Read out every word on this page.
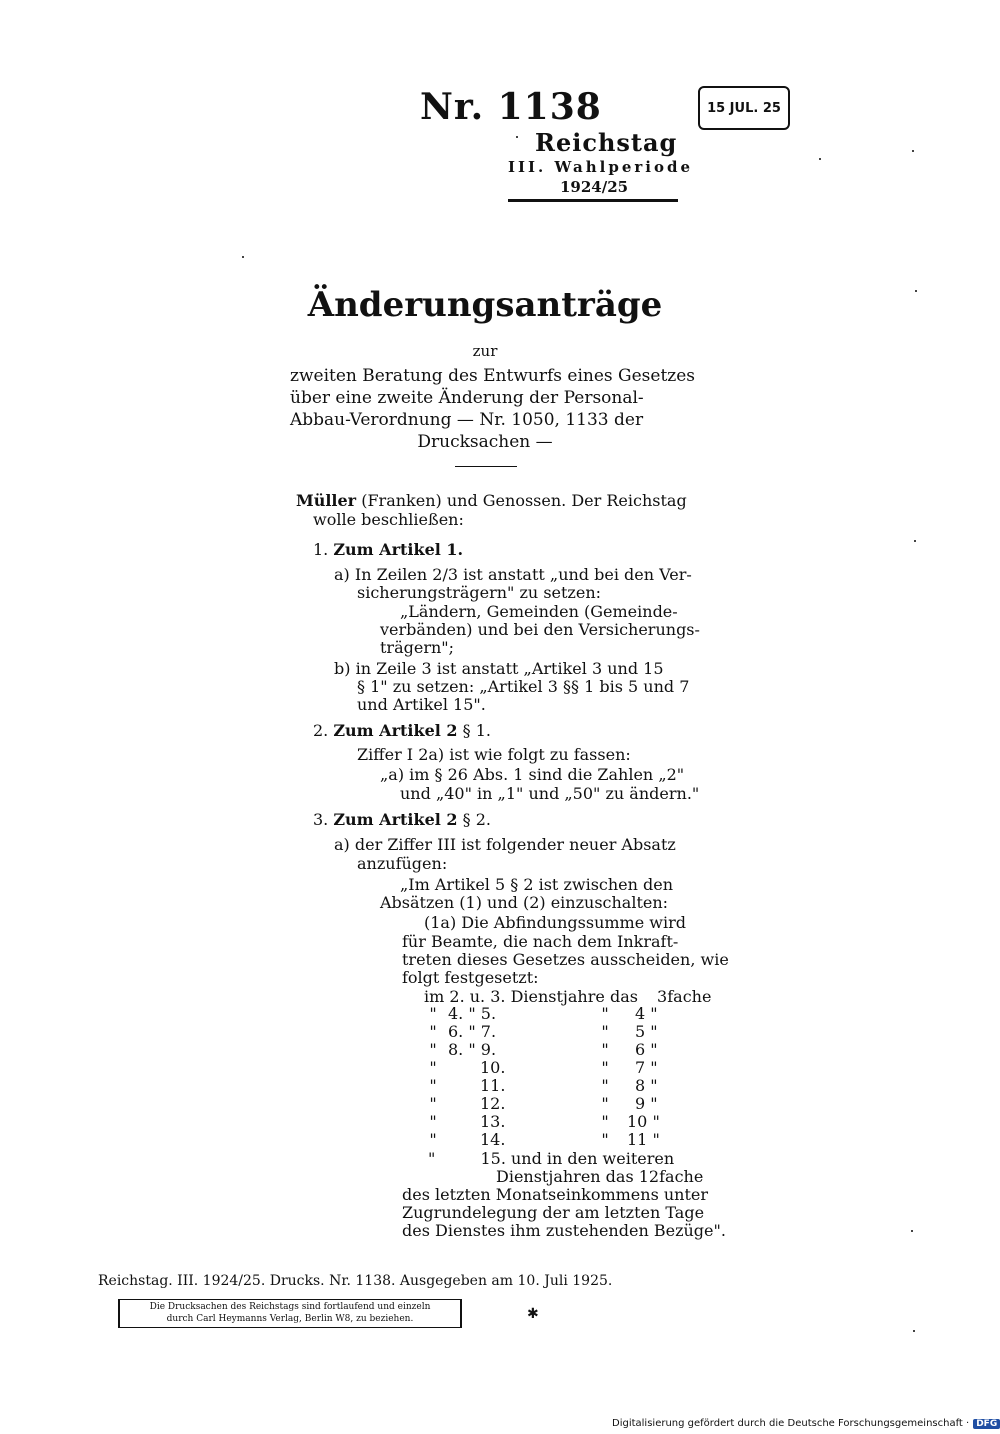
Nr. 1138	15 JUL. 25
Reichstag
III. Wahlperiode
1924/25
Änderungsanträge
zur
zweiten Beratung des Entwurfs eines Gesetzes
über eine zweite Änderung der Personal-
Abbau-Verordnung — Nr. 1050, 1133 der
Drucksachen —
Müller (Franken) und Genossen. Der Reichstag
wolle beschließen:
1. Zum Artikel 1.
a) In Zeilen 2/3 ist anstatt „und bei den Ver-
sicherungsträgern" zu setzen:
„Ländern, Gemeinden (Gemeinde-
verbänden) und bei den Versicherungs-
trägern";
b) in Zeile 3 ist anstatt „Artikel 3 und 15
§ 1" zu setzen: „Artikel 3 §§ 1 bis 5 und 7
und Artikel 15".
2. Zum Artikel 2 § 1.
Ziffer I 2a) ist wie folgt zu fassen:
„a) im § 26 Abs. 1 sind die Zahlen „2"
und „40" in „1" und „50" zu ändern."
3. Zum Artikel 2 § 2.
a) der Ziffer III ist folgender neuer Absatz
anzufügen:
„Im Artikel 5 § 2 ist zwischen den
Absätzen (1) und (2) einzuschalten:
(1a) Die Abfindungssumme wird
für Beamte, die nach dem Inkraft-
treten dieses Gesetzes ausscheiden, wie
folgt festgesetzt:
im 2. u. 3. Dienstjahre das 3fache
" 4. " 5.	" 4 "
" 6. " 7.	" 5 "
" 8. " 9.	" 6 "
"	10.	" 7 "
"	11.	" 8 "
"	12.	" 9 "
"	13.	" 10 "
"	14.	" 11 "
"	15. und in den weiteren
Dienstjahren das 12fache
des letzten Monatseinkommens unter
Zugrundelegung der am letzten Tage
des Dienstes ihm zustehenden Bezüge".
Reichstag. III. 1924/25. Drucks. Nr. 1138. Ausgegeben am 10. Juli 1925.
Die Drucksachen des Reichstags sind fortlaufend und einzeln
durch Carl Heymanns Verlag, Berlin W8, zu beziehen.	✱
Digitalisierung gefördert durch die Deutsche Forschungsgemeinschaft · DFG
